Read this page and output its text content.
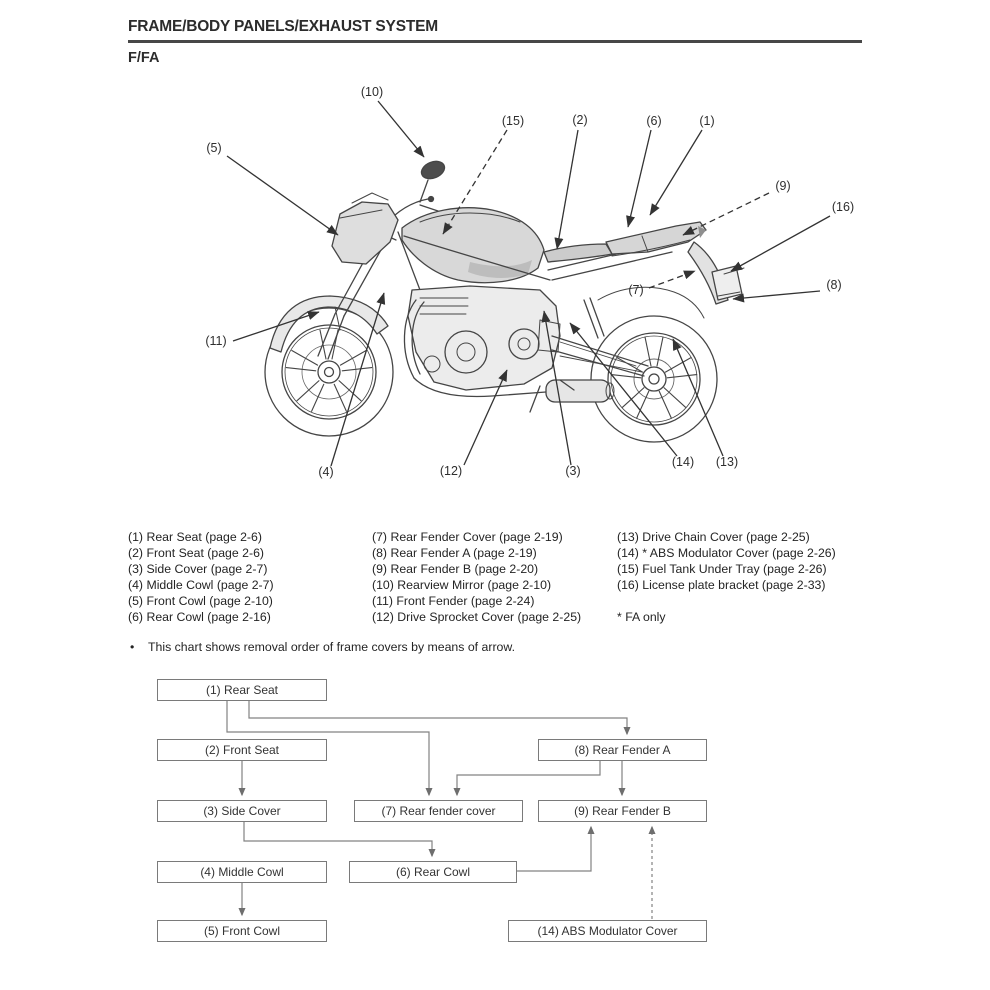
FRAME/BODY PANELS/EXHAUST SYSTEM
F/FA
(1) Rear Seat (page 2-6)
(2) Front Seat (page 2-6)
(3) Side Cover (page 2-7)
(4) Middle Cowl (page 2-7)
(5) Front Cowl (page 2-10)
(6) Rear Cowl (page 2-16)
(7) Rear Fender Cover (page 2-19)
(8) Rear Fender A (page 2-19)
(9) Rear Fender B (page 2-20)
(10) Rearview Mirror (page 2-10)
(11) Front Fender (page 2-24)
(12) Drive Sprocket Cover (page 2-25)
(13) Drive Chain Cover (page 2-25)
(14) * ABS Modulator Cover (page 2-26)
(15) Fuel Tank Under Tray (page 2-26)
(16) License plate bracket (page 2-33)
* FA only
• This chart shows removal order of frame covers by means of arrow.
(1) Rear Seat
(2) Front Seat
(3) Side Cover
(4) Middle Cowl
(5) Front Cowl
(7) Rear fender cover
(6) Rear Cowl
(8) Rear Fender A
(9) Rear Fender B
(14) ABS Modulator Cover
(10)
(5)
(15)	(2)	(6)	(1)
(9)
(16)
(8)
(7)
(11)
(4)	(12)	(3)
(14) (13)
